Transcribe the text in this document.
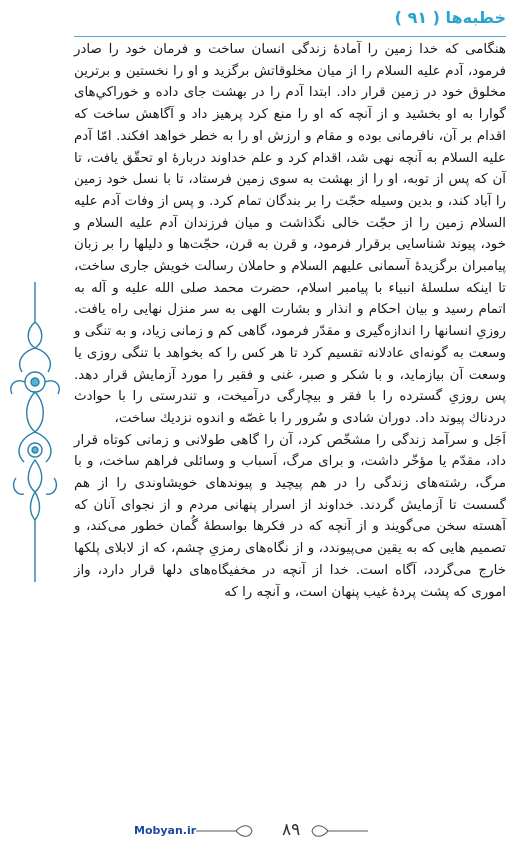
خطبه‌ها ( ۹۱ )

هنگامى كه خدا زمين را آمادۀ زندگى انسان ساخت و فرمان خود را صادر فرمود، آدم عليه السلام را از ميان مخلوقاتش برگزيد و او را نخستين و برترين مخلوق خود در زمين قرار داد. ابتدا آدم را در بهشت جاى داده و خوراكي‌هاى گوارا به او بخشيد و از آنچه كه او را منع كرد پرهيز داد و آگاهش ساخت كه اقدام بر آن، نافرمانى بوده و مقام و ارزش او را به خطر خواهد افكند. امّا آدم عليه السلام به آنچه نهى شد، اقدام كرد و علم خداوند دربارۀ او تحقّق يافت، تا آن كه پس از توبه، او را از بهشت به سوى زمين فرستاد، تا با نسل خود زمين را آباد كند، و بدين وسيله حجّت را بر بندگان تمام كرد. و پس از وفات آدم عليه السلام زمين را از حجّت خالى نگذاشت و ميان فرزندان آدم عليه السلام و خود، پيوند شناسايى برقرار فرمود، و قرن به قرن، حجّت‌ها و دليلها را بر زبان پيامبران برگزيدۀ آسمانى عليهم السلام و حاملان رسالت خويش جارى ساخت، تا اينكه سلسلۀ انبياء با پيامبر اسلام، حضرت محمد صلى الله عليه و آله به اتمام رسيد و بيان احكام و انذار و بشارت الهى به سر منزل نهايى راه يافت. روزىِ انسانها را اندازه‌گيرى و مقدّر فرمود، گاهى كم و زمانى زياد، و به تنگى و وسعت به گونه‌اى عادلانه تقسيم كرد تا هر كس را كه بخواهد با تنگى روزى يا وسعت آن بيازمايد، و با شكر و صبر، غنى و فقير را مورد آزمايش قرار دهد. پس روزىِ گسترده را با فقر و بيچارگى درآميخت، و تندرستى را با حوادث دردناك پيوند داد. دوران شادى و سُرور را با غصّه و اندوه نزديك ساخت،

اَجَل و سرآمد زندگى را مشخّص كرد، آن را گاهى طولانى و زمانى كوتاه قرار داد، مقدّم يا مؤخّر داشت، و براى مرگ، اَسباب و وسائلى فراهم ساخت، و با مرگ، رشته‌هاى زندگى را در هم پيچيد و پيوندهاى خويشاوندى را از هم گسست تا آزمايش گردند. خداوند از اسرار پنهانى مردم و از نجواى آنان كه آهسته سخن مى‌گويند و از آنچه كه در فكرها بواسطۀ گُمان خطور مى‌كند، و تصميم هايى كه به يقين مى‌پيوندد، و از نگاه‌هاى رمزىِ چشم، كه از لابلاى پلكها خارج مى‌گردد، آگاه است. خدا از آنچه در مخفيگاه‌هاى دلها قرار دارد، واز امورى كه پشت پردۀ غيب پنهان است، و آنچه را كه

Mobyan.ir	۸۹
